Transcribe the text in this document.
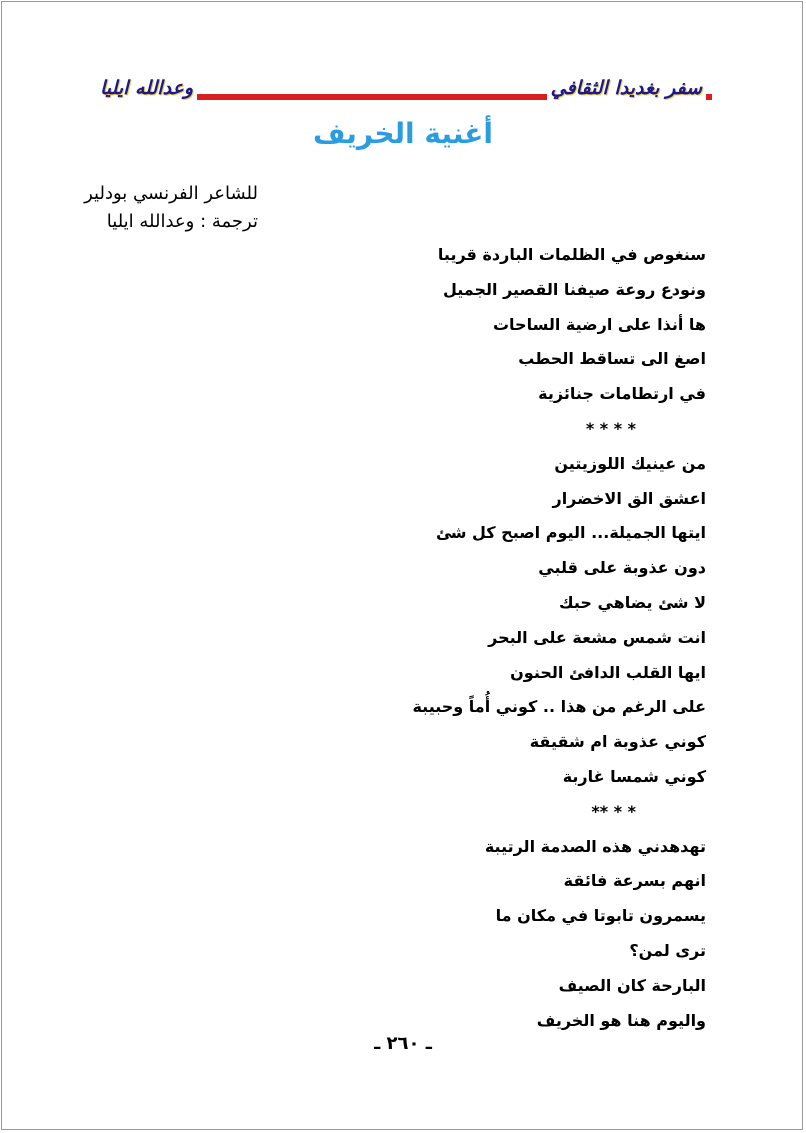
سفر بغديدا الثقافي
وعدالله ايليا
أغنية الخريف
للشاعر الفرنسي بودلير
ترجمة : وعدالله ايليا
سنغوص في الظلمات الباردة قريبا
ونودع روعة صيفنا القصير الجميل
ها أنذا على ارضية الساحات
اصغ الى تساقط الحطب
في ارتطامات جنائزية
* * * *
من عينيك اللوزيتين
اعشق الق الاخضرار
ايتها الجميلة... اليوم اصبح كل شئ
دون عذوبة على قلبي
لا شئ يضاهي حبك
انت شمس مشعة على البحر
ايها القلب الدافئ الحنون
على الرغم من هذا .. كوني أُماً وحبيبة
كوني عذوبة ام شقيقة
كوني شمسا غاربة
* * **
تهدهدني هذه الصدمة الرتيبة
انهم بسرعة فائقة
يسمرون تابوتا في مكان ما
ترى لمن؟
البارحة كان الصيف
واليوم هنا هو الخريف
ـ ٢٦٠ ـ
